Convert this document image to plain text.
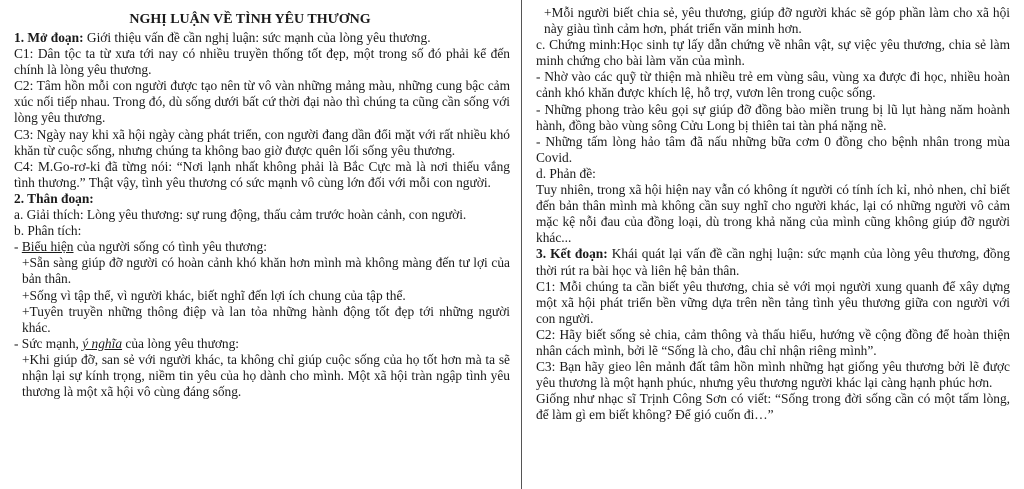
NGHỊ LUẬN VỀ TÌNH YÊU THƯƠNG

1. Mở đoạn: Giới thiệu vấn đề cần nghị luận: sức mạnh của lòng yêu thương.

C1: Dân tộc ta từ xưa tới nay có nhiều truyền thống tốt đẹp, một trong số đó phải kể đến chính là lòng yêu thương.

C2: Tâm hồn mỗi con người được tạo nên từ vô vàn những mảng màu, những cung bậc cảm xúc nối tiếp nhau. Trong đó, dù sống dưới bất cứ thời đại nào thì chúng ta cũng cần sống với lòng yêu thương.

C3: Ngày nay khi xã hội ngày càng phát triển, con người đang dần đổi mặt với rất nhiều khó khăn từ cuộc sống, nhưng chúng ta không bao giờ được quên lối sống yêu thương.

C4: M.Go-rơ-ki đã từng nói: “Nơi lạnh nhất không phải là Bắc Cực mà là nơi thiếu vắng tình thương.” Thật vậy, tình yêu thương có sức mạnh vô cùng lớn đối với mỗi con người.

2. Thân đoạn:

a. Giải thích: Lòng yêu thương: sự rung động, thấu cảm trước hoàn cảnh, con người.

b. Phân tích:

- Biểu hiện của người sống có tình yêu thương:

+Sẵn sàng giúp đỡ người có hoàn cảnh khó khăn hơn mình mà không màng đến tư lợi của bản thân.

+Sống vì tập thể, vì người khác, biết nghĩ đến lợi ích chung của tập thể.

+Tuyên truyền những thông điệp và lan tỏa những hành động tốt đẹp tới những người khác.

- Sức mạnh, ý nghĩa của lòng yêu thương:

+Khi giúp đỡ, san sẻ với người khác, ta không chỉ giúp cuộc sống của họ tốt hơn mà ta sẽ nhận lại sự kính trọng, niềm tin yêu của họ dành cho mình. Một xã hội tràn ngập tình yêu thương là một xã hội vô cùng đáng sống.

+Mỗi người biết chia sẻ, yêu thương, giúp đỡ người khác sẽ góp phần làm cho xã hội này giàu tình cảm hơn, phát triển văn minh hơn.

c. Chứng minh:Học sinh tự lấy dẫn chứng về nhân vật, sự việc yêu thương, chia sẻ làm minh chứng cho bài làm văn của mình.

- Nhờ vào các quỹ từ thiện mà nhiều trẻ em vùng sâu, vùng xa được đi học, nhiều hoàn cảnh khó khăn được khích lệ, hỗ trợ, vươn lên trong cuộc sống.

- Những phong trào kêu gọi sự giúp đỡ đồng bào miền trung bị lũ lụt hàng năm hoành hành, đồng bào vùng sông Cửu Long bị thiên tai tàn phá nặng nề.

- Những tấm lòng hảo tâm đã nấu những bữa cơm 0 đồng cho bệnh nhân trong mùa Covid.

d. Phản đề:

Tuy nhiên, trong xã hội hiện nay vẫn có không ít người có tính ích kỉ, nhỏ nhen, chỉ biết đến bản thân mình mà không cần suy nghĩ cho người khác, lại có những người vô cảm mặc kệ nỗi đau của đồng loại, dù trong khả năng của mình cũng không giúp đỡ người khác...

3. Kết đoạn: Khái quát lại vấn đề cần nghị luận: sức mạnh của lòng yêu thương, đồng thời rút ra bài học và liên hệ bản thân.

C1: Mỗi chúng ta cần biết yêu thương, chia sẻ với mọi người xung quanh để xây dựng một xã hội phát triển bền vững dựa trên nền tảng tình yêu thương giữa con người với con người.

C2: Hãy biết sống sẻ chia, cảm thông và thấu hiểu, hướng về cộng đồng để hoàn thiện nhân cách mình, bởi lẽ “Sống là cho, đâu chỉ nhận riêng mình”.

C3: Bạn hãy gieo lên mảnh đất tâm hồn mình những hạt giống yêu thương bởi lẽ được yêu thương là một hạnh phúc, nhưng yêu thương người khác lại càng hạnh phúc hơn.

Giống như nhạc sĩ Trịnh Công Sơn có viết: “Sống trong đời sống cần có một tấm lòng, để làm gì em biết không? Để gió cuốn đi…”
